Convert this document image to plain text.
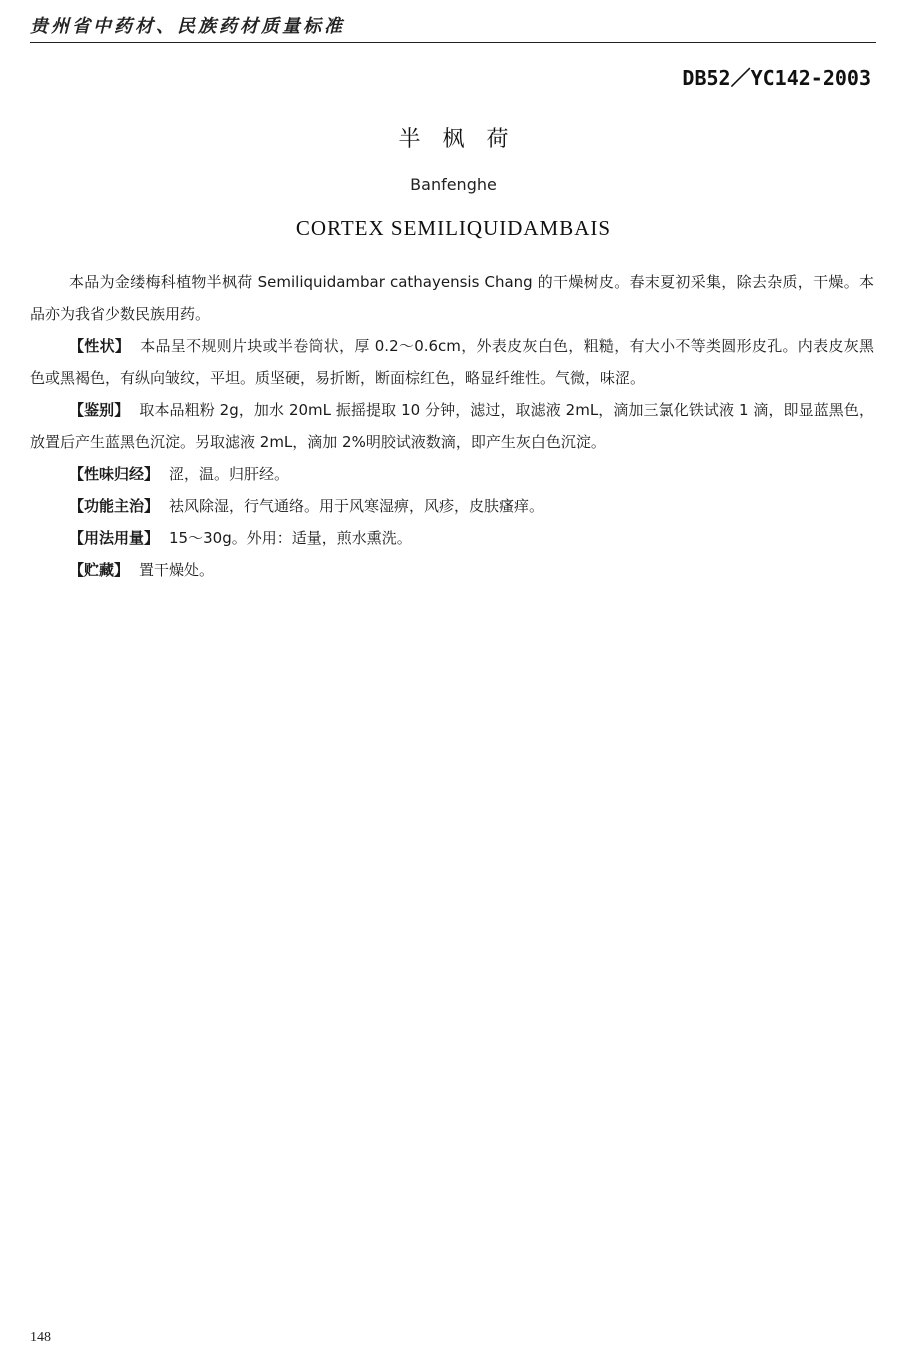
贵州省中药材、民族药材质量标准
DB52／YC142-2003
半枫荷
Banfenghe
CORTEX SEMILIQUIDAMBAIS

本品为金缕梅科植物半枫荷 Semiliquidambar cathayensis Chang 的干燥树皮。春末夏初采集，除去杂质，干燥。本品亦为我省少数民族用药。

【性状】 本品呈不规则片块或半卷筒状，厚 0.2～0.6cm，外表皮灰白色，粗糙，有大小不等类圆形皮孔。内表皮灰黑色或黑褐色，有纵向皱纹，平坦。质坚硬，易折断，断面棕红色，略显纤维性。气微，味涩。

【鉴别】 取本品粗粉 2g，加水 20mL 振摇提取 10 分钟，滤过，取滤液 2mL，滴加三氯化铁试液 1 滴，即显蓝黑色，放置后产生蓝黑色沉淀。另取滤液 2mL，滴加 2%明胶试液数滴，即产生灰白色沉淀。

【性味归经】 涩，温。归肝经。

【功能主治】 祛风除湿，行气通络。用于风寒湿痹，风疹，皮肤瘙痒。

【用法用量】 15～30g。外用：适量，煎水熏洗。

【贮藏】 置干燥处。

148
